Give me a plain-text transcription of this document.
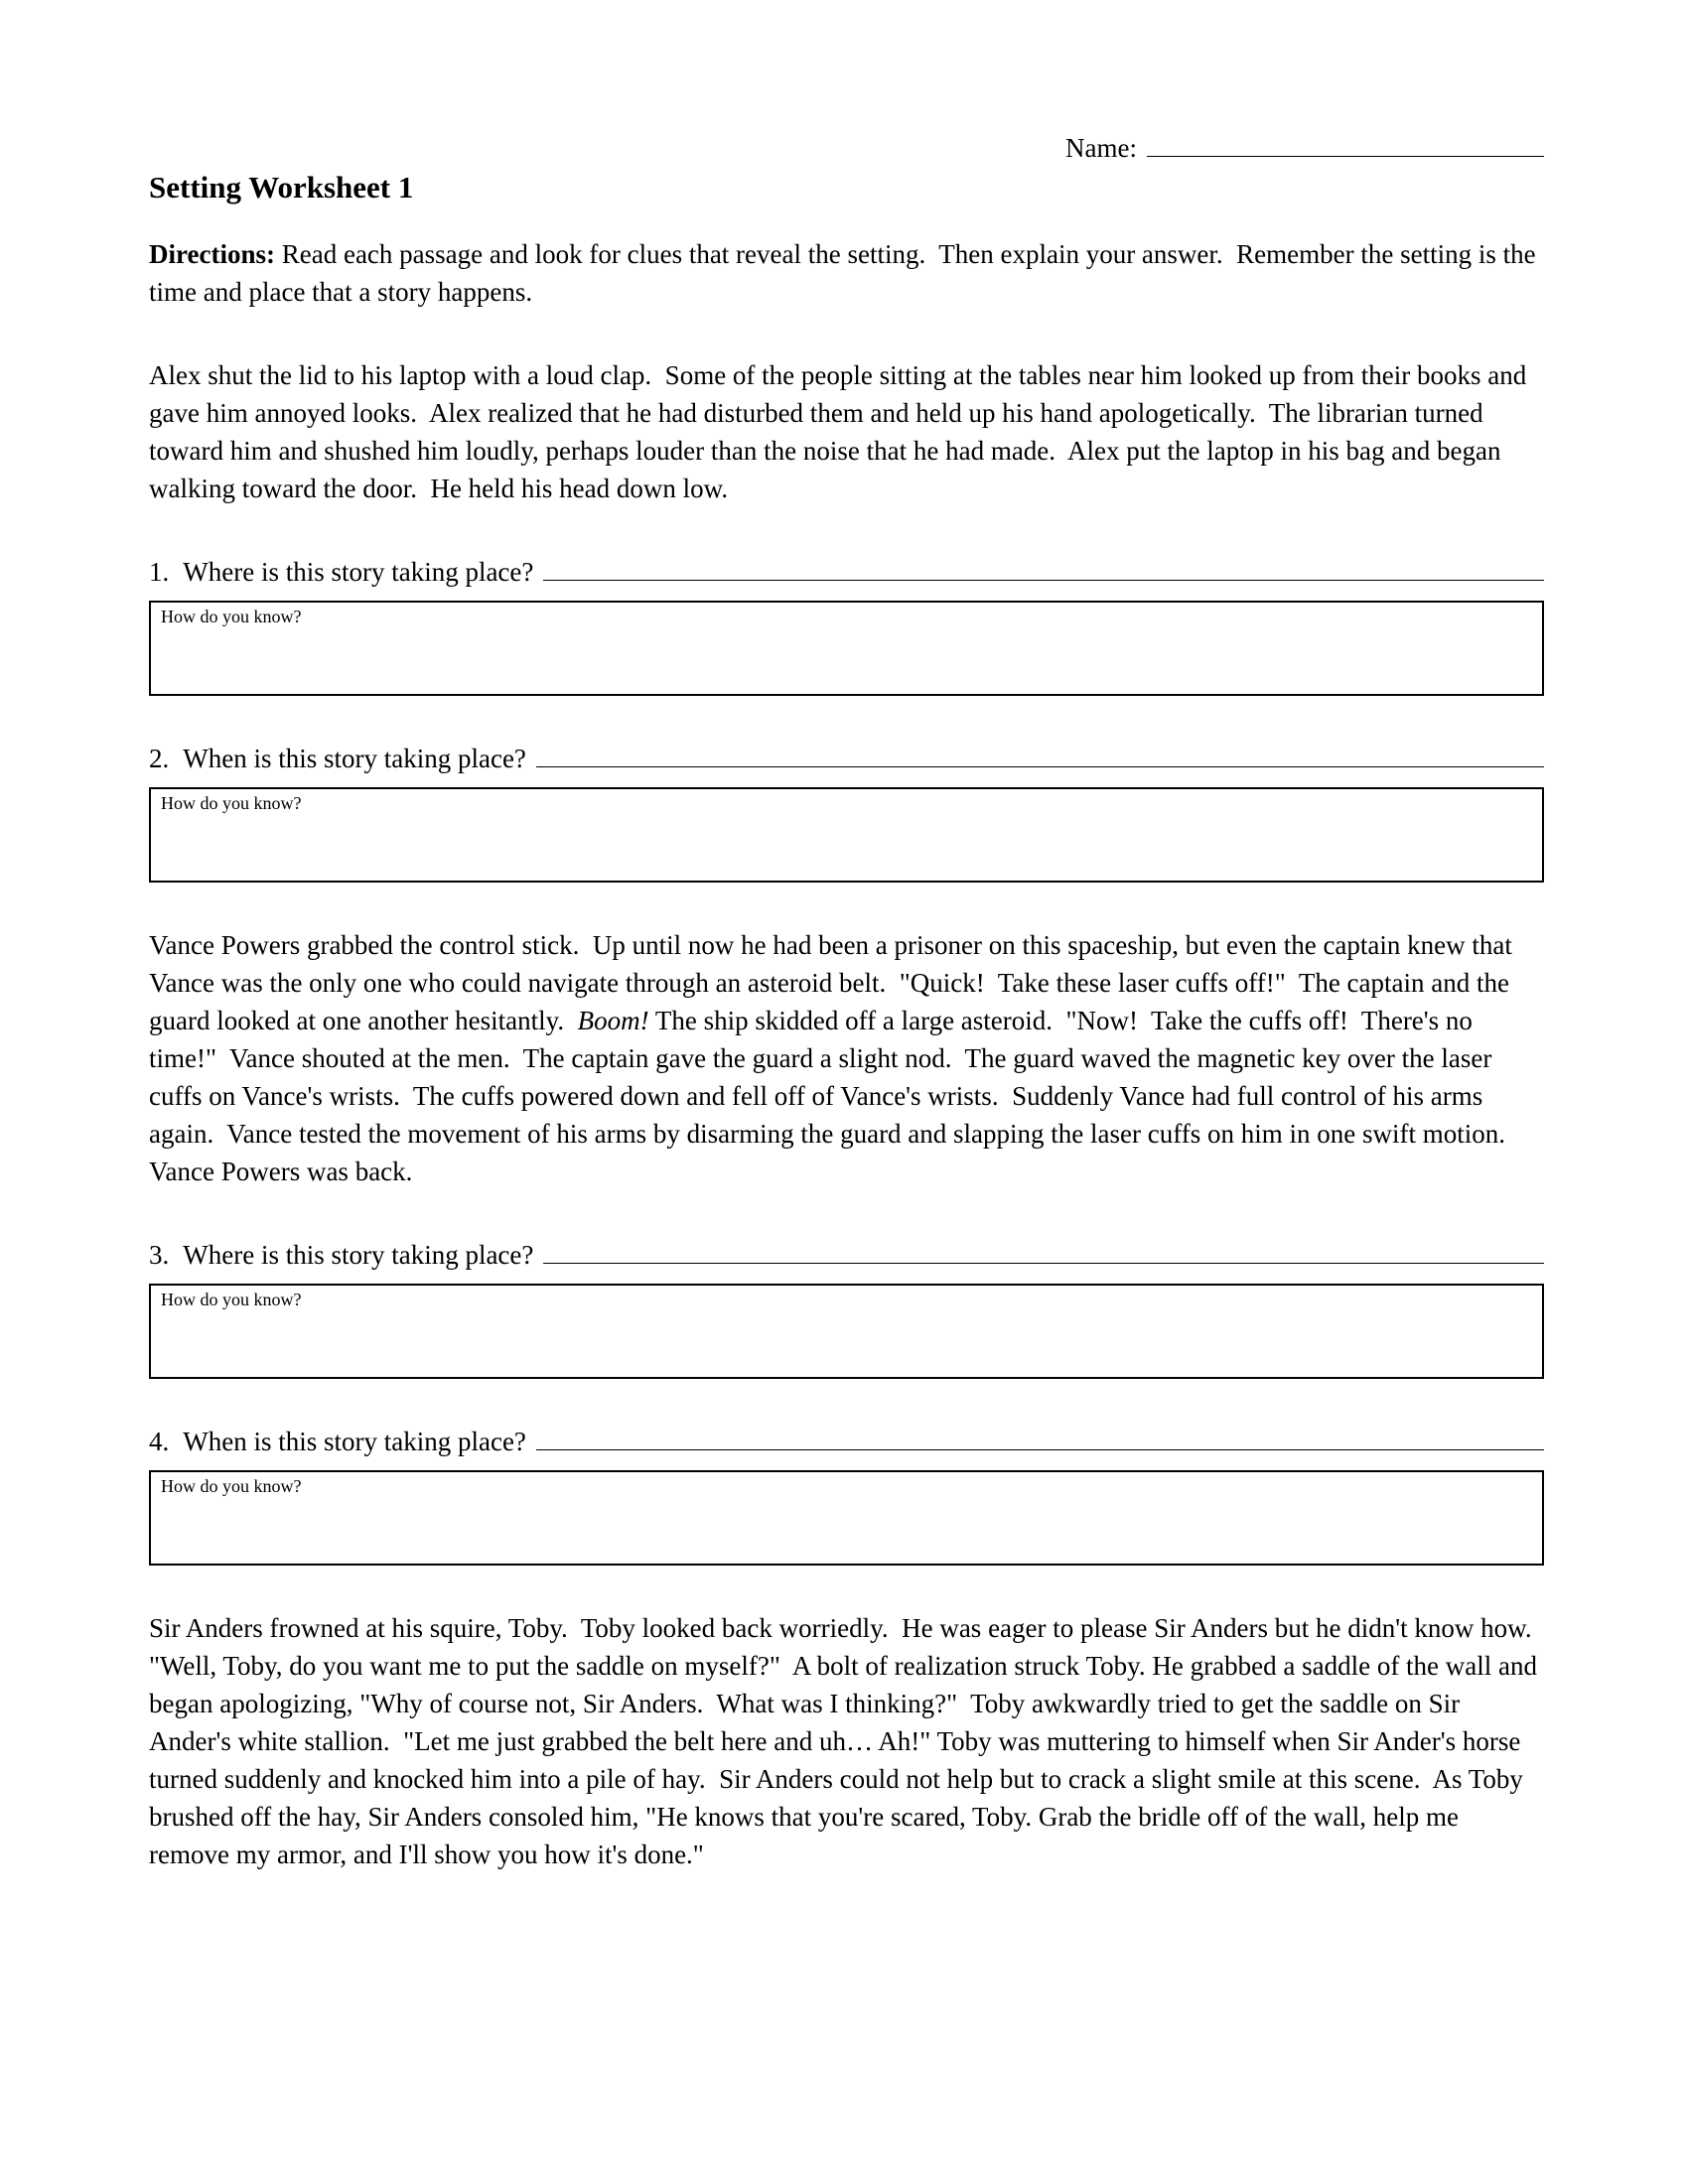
Name:
Setting Worksheet 1

Directions: Read each passage and look for clues that reveal the setting.  Then explain your answer.  Remember the setting is the time and place that a story happens.

Alex shut the lid to his laptop with a loud clap.  Some of the people sitting at the tables near him looked up from their books and gave him annoyed looks.  Alex realized that he had disturbed them and held up his hand apologetically.  The librarian turned toward him and shushed him loudly, perhaps louder than the noise that he had made.  Alex put the laptop in his bag and began walking toward the door.  He held his head down low.

1. Where is this story taking place?
How do you know?
2. When is this story taking place?
How do you know?

Vance Powers grabbed the control stick.  Up until now he had been a prisoner on this spaceship, but even the captain knew that Vance was the only one who could navigate through an asteroid belt.  "Quick!  Take these laser cuffs off!"  The captain and the guard looked at one another hesitantly.  Boom! The ship skidded off a large asteroid.  "Now!  Take the cuffs off!  There's no time!"  Vance shouted at the men.  The captain gave the guard a slight nod.  The guard waved the magnetic key over the laser cuffs on Vance's wrists.  The cuffs powered down and fell off of Vance's wrists.  Suddenly Vance had full control of his arms again.  Vance tested the movement of his arms by disarming the guard and slapping the laser cuffs on him in one swift motion.  Vance Powers was back.

3. Where is this story taking place?
How do you know?
4. When is this story taking place?
How do you know?

Sir Anders frowned at his squire, Toby.  Toby looked back worriedly.  He was eager to please Sir Anders but he didn't know how.  "Well, Toby, do you want me to put the saddle on myself?"  A bolt of realization struck Toby. He grabbed a saddle of the wall and began apologizing, "Why of course not, Sir Anders.  What was I thinking?"  Toby awkwardly tried to get the saddle on Sir Ander's white stallion.  "Let me just grabbed the belt here and uh… Ah!" Toby was muttering to himself when Sir Ander's horse turned suddenly and knocked him into a pile of hay.  Sir Anders could not help but to crack a slight smile at this scene.  As Toby brushed off the hay, Sir Anders consoled him, "He knows that you're scared, Toby. Grab the bridle off of the wall, help me remove my armor, and I'll show you how it's done."
